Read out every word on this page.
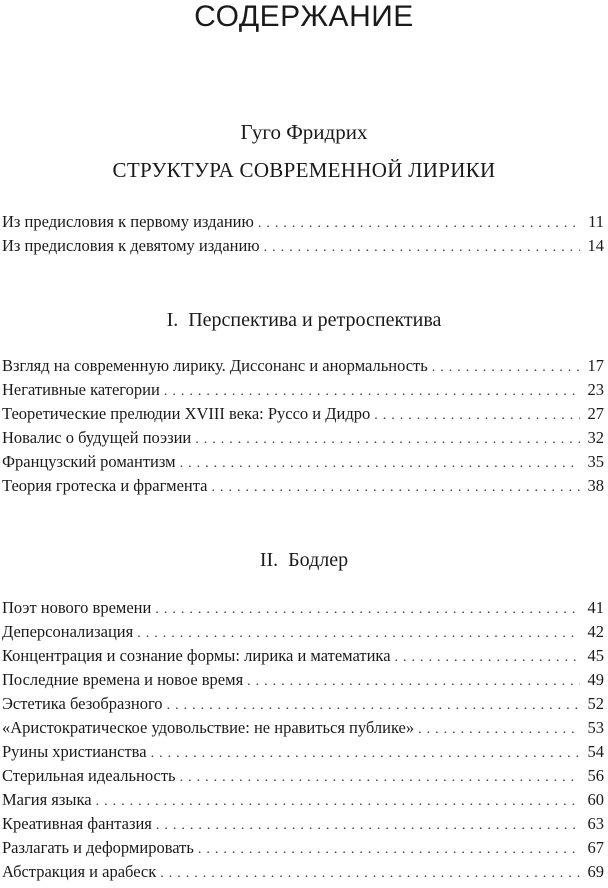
СОДЕРЖАНИЕ
Гуго Фридрих
СТРУКТУРА СОВРЕМЕННОЙ ЛИРИКИ
Из предисловия к первому изданию . . .	11
Из предисловия к девятому изданию . . .	14
I.  Перспектива и ретроспектива
Взгляд на современную лирику. Диссонанс и анормальность . . .	17
Негативные категории . . .	23
Теоретические прелюдии XVIII века: Руссо и Дидро . . .	27
Новалис о будущей поэзии . . .	32
Французский романтизм . . .	35
Теория гротеска и фрагмента . . .	38
II.  Бодлер
Поэт нового времени . . .	41
Деперсонализация . . .	42
Концентрация и сознание формы: лирика и математика . . .	45
Последние времена и новое время . . .	49
Эстетика безобразного . . .	52
«Аристократическое удовольствие: не нравиться публике» . . .	53
Руины христианства . . .	54
Стерильная идеальность . . .	56
Магия языка . . .	60
Креативная фантазия . . .	63
Разлагать и деформировать . . .	67
Абстракция и арабеск . . .	69
